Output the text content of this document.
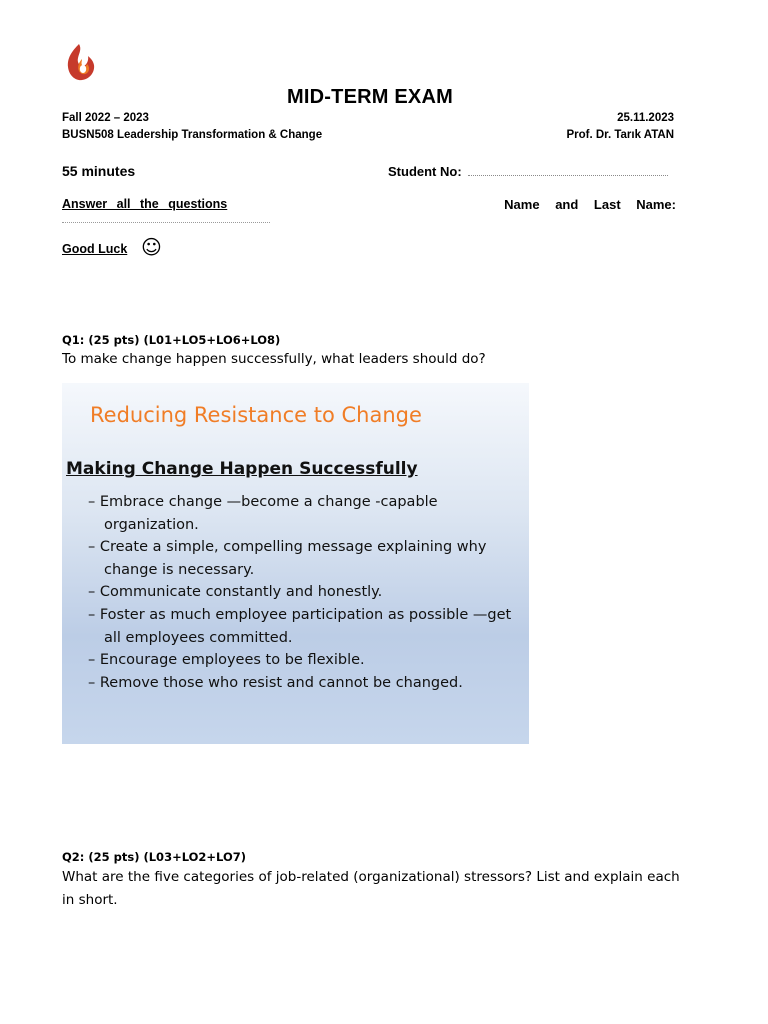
MID-TERM EXAM
Fall 2022 – 2023
BUSN508 Leadership Transformation & Change
25.11.2023
Prof. Dr. Tarık ATAN
55 minutes	Student No:
Answer all the questions	Name and Last Name:
Good Luck ☺
Q1: (25 pts) (L01+LO5+LO6+LO8)
To make change happen successfully, what leaders should do?
Reducing Resistance to Change
Making Change Happen Successfully
– Embrace change —become a change -capable organization.
– Create a simple, compelling message explaining why change is necessary.
– Communicate constantly and honestly.
– Foster as much employee participation as possible —get all employees committed.
– Encourage employees to be flexible.
– Remove those who resist and cannot be changed.
Q2: (25 pts) (L03+LO2+LO7)
What are the five categories of job-related (organizational) stressors? List and explain each in short.
